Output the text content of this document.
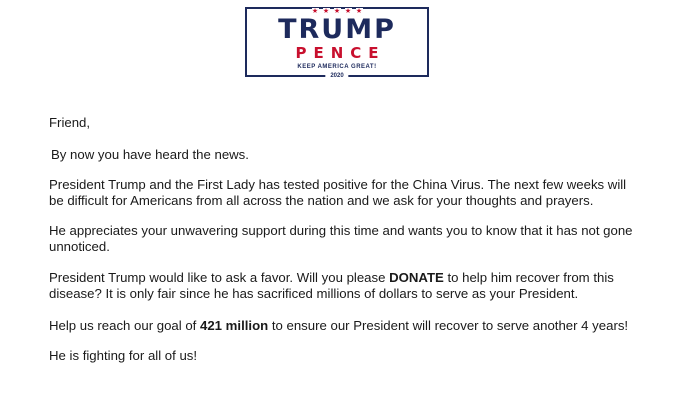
★ ★ ★ ★ ★
TRUMP
PENCE
KEEP AMERICA GREAT!
2020

Friend,

By now you have heard the news.

President Trump and the First Lady has tested positive for the China Virus. The next few weeks will be difficult for Americans from all across the nation and we ask for your thoughts and prayers.

He appreciates your unwavering support during this time and wants you to know that it has not gone unnoticed.

President Trump would like to ask a favor. Will you please DONATE to help him recover from this disease? It is only fair since he has sacrificed millions of dollars to serve as your President.

Help us reach our goal of 421 million to ensure our President will recover to serve another 4 years!

He is fighting for all of us!
